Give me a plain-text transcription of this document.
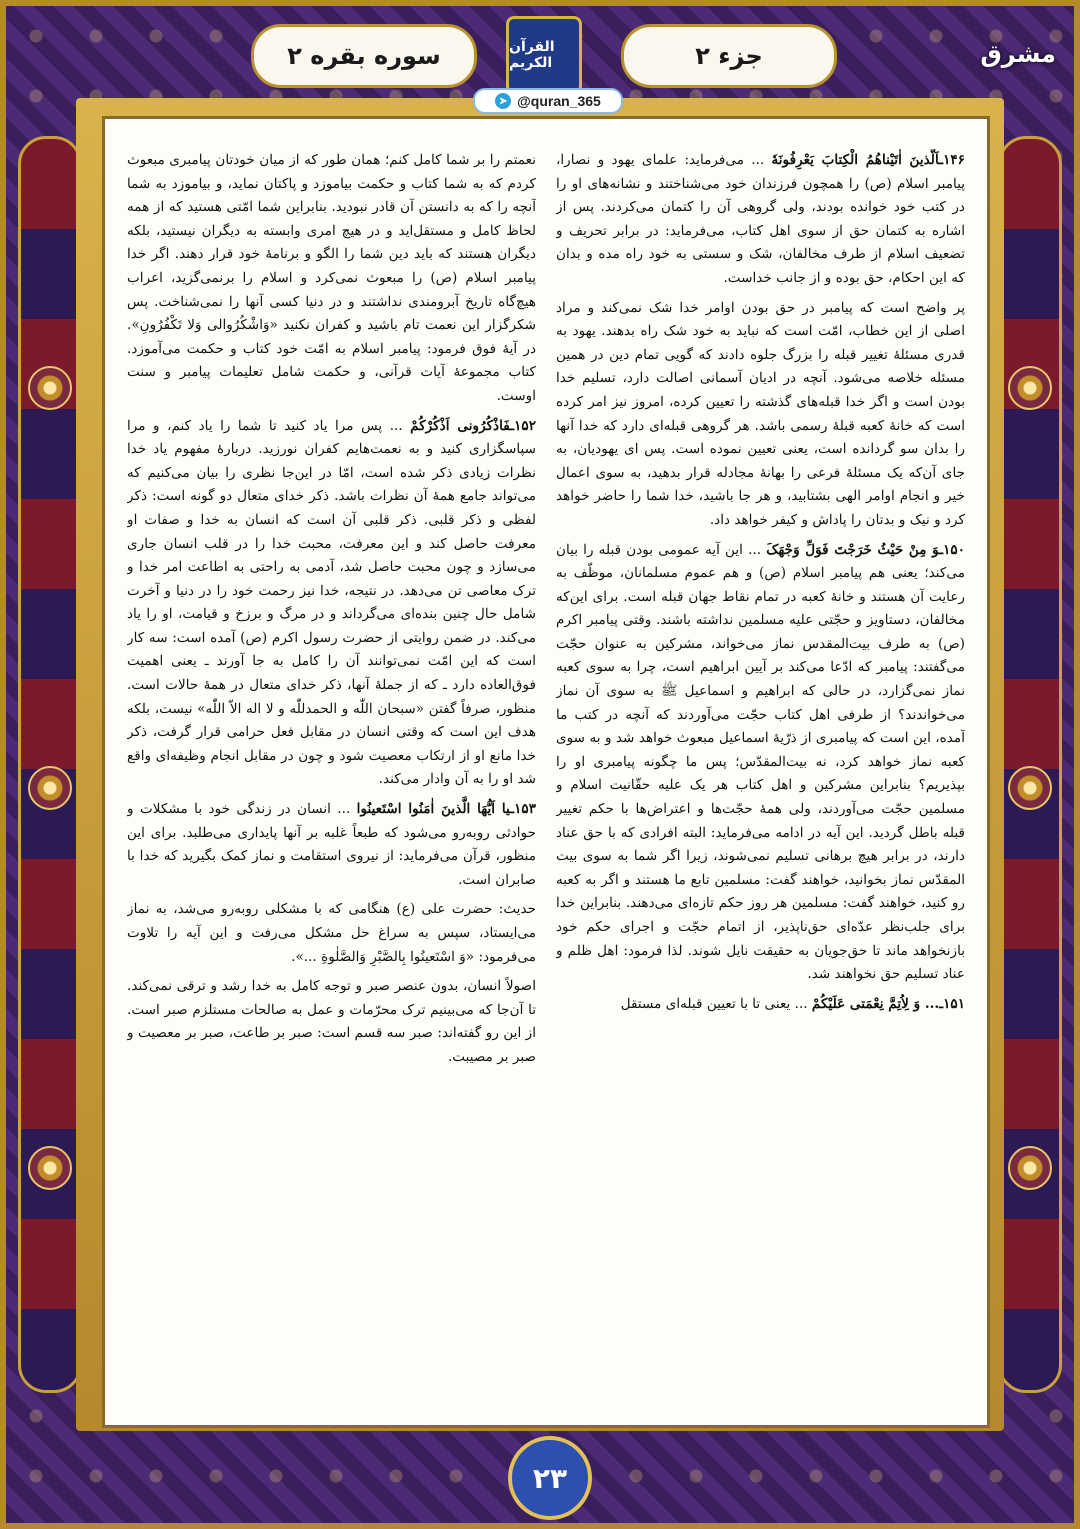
سوره بقره ۲	القرآن الکریم	جزء ۲
➤ @quran_365
مشرق

۱۴۶ـاَلَّذینَ اٰتَیْناهُمُ الْکِتابَ یَعْرِفُونَهٗ ... می‌فرماید: علمای یهود و نصارا، پیامبر اسلام (ص) را همچون فرزندان خود می‌شناختند و نشانه‌های او را در کتب خود خوانده بودند، ولی گروهی آن را کتمان می‌کردند. پس از اشاره به کتمان حق از سوی اهل کتاب، می‌فرماید: در برابر تحریف و تضعیف اسلام از طرف مخالفان، شک و سستی به خود راه مده و بدان که این احکام، حق بوده و از جانب خداست.

پر واضح است که پیامبر در حق بودن اوامر خدا شک نمی‌کند و مراد اصلی از این خطاب، امّت است که نباید به خود شک راه بدهند. یهود به قدری مسئلهٔ تغییر قبله را بزرگ جلوه دادند که گویی تمام دین در همین مسئله خلاصه می‌شود. آنچه در ادیان آسمانی اصالت دارد، تسلیم خدا بودن است و اگر خدا قبله‌های گذشته را تعیین کرده، امروز نیز امر کرده است که خانهٔ کعبه قبلهٔ رسمی باشد. هر گروهی قبله‌ای دارد که خدا آنها را بدان سو گردانده است، یعنی تعیین نموده است. پس ای یهودیان، به جای آن‌که یک مسئلهٔ فرعی را بهانهٔ مجادله قرار بدهید، به سوی اعمال خیر و انجام اوامر الهی بشتابید، و هر جا باشید، خدا شما را حاضر خواهد کرد و نیک و بدتان را پاداش و کیفر خواهد داد.

۱۵۰ـوَ مِنْ حَیْثُ خَرَجْتَ فَوَلِّ وَجْهَکَ ... این آیه عمومی بودن قبله را بیان می‌کند؛ یعنی هم پیامبر اسلام (ص) و هم عموم مسلمانان، موظّف به رعایت آن هستند و خانهٔ کعبه در تمام نقاط جهان قبله است. برای این‌که مخالفان، دستاویز و حجّتی علیه مسلمین نداشته باشند. وقتی پیامبر اکرم (ص) به طرف بیت‌المقدس نماز می‌خواند، مشرکین به عنوان حجّت می‌گفتند: پیامبر که ادّعا می‌کند بر آیین ابراهیم است، چرا به سوی کعبه نماز نمی‌گزارد، در حالی که ابراهیم و اسماعیل ﷺ به سوی آن نماز می‌خواندند؟ از طرفی اهل کتاب حجّت می‌آوردند که آنچه در کتب ما آمده، این است که پیامبری از ذرّیهٔ اسماعیل مبعوث خواهد شد و به سوی کعبه نماز خواهد کرد، نه بیت‌المقدّس؛ پس ما چگونه پیامبری او را بپذیریم؟ بنابراین مشرکین و اهل کتاب هر یک علیه حقّانیت اسلام و مسلمین حجّت می‌آوردند، ولی همهٔ حجّت‌ها و اعتراض‌ها با حکم تغییر قبله باطل گردید. این آیه در ادامه می‌فرماید: البته افرادی که با حق عناد دارند، در برابر هیچ برهانی تسلیم نمی‌شوند، زیرا اگر شما به سوی بیت المقدّس نماز بخوانید، خواهند گفت: مسلمین تابع ما هستند و اگر به کعبه رو کنید، خواهند گفت: مسلمین هر روز حکم تازه‌ای می‌دهند. بنابراین خدا برای جلب‌نظر عدّه‌ای حق‌ناپذیر، از اتمام حجّت و اجرای حکم خود بازنخواهد ماند تا حق‌جویان به حقیقت نایل شوند. لذا فرمود: اهل ظلم و عناد تسلیم حق نخواهند شد.

۱۵۱ـ... وَ لِاُتِمَّ نِعْمَتی عَلَیْکُمْ ... یعنی تا با تعیین قبله‌ای مستقل

نعمتم را بر شما کامل کنم؛ همان طور که از میان خودتان پیامبری مبعوث کردم که به شما کتاب و حکمت بیاموزد و پاکتان نماید، و بیاموزد به شما آنچه را که به دانستن آن قادر نبودید. بنابراین شما امّتی هستید که از همه لحاظ کامل و مستقل‌اید و در هیچ امری وابسته به دیگران نیستید، بلکه دیگران هستند که باید دین شما را الگو و برنامهٔ خود قرار دهند. اگر خدا پیامبر اسلام (ص) را مبعوث نمی‌کرد و اسلام را برنمی‌گزید، اعراب هیچ‌گاه تاریخ آبرومندی نداشتند و در دنیا کسی آنها را نمی‌شناخت. پس شکرگزار این نعمت تام باشید و کفران نکنید «وَاشْکُرُوالی وَلا تَکْفُرُونِ». در آیهٔ فوق فرمود: پیامبر اسلام به امّت خود کتاب و حکمت می‌آموزد. کتاب مجموعهٔ آیات قرآنی، و حکمت شامل تعلیمات پیامبر و سنت اوست.

۱۵۲ـفَاذْکُرُونی اَذْکُرْکُمْ ... پس مرا یاد کنید تا شما را یاد کنم، و مرا سپاسگزاری کنید و به نعمت‌هایم کفران نورزید. دربارهٔ مفهوم یاد خدا نظرات زیادی ذکر شده است، امّا در این‌جا نظری را بیان می‌کنیم که می‌تواند جامع همهٔ آن نظرات باشد. ذکر خدای متعال دو گونه است: ذکر لفظی و ذکر قلبی. ذکر قلبی آن است که انسان به خدا و صفات او معرفت حاصل کند و این معرفت، محبت خدا را در قلب انسان جاری می‌سازد و چون محبت حاصل شد، آدمی به راحتی به اطاعت امر خدا و ترک معاصی تن می‌دهد. در نتیجه، خدا نیز رحمت خود را در دنیا و آخرت شامل حال چنین بنده‌ای می‌گرداند و در مرگ و برزخ و قیامت، او را یاد می‌کند. در ضمن روایتی از حضرت رسول اکرم (ص) آمده است: سه کار است که این امّت نمی‌توانند آن را کامل به جا آورند ـ یعنی اهمیت فوق‌العاده دارد ـ که از جملهٔ آنها، ذکر خدای متعال در همهٔ حالات است. منظور، صرفاً گفتن «سبحان اللّٰه و الحمدللّٰه و لا اله الاّ اللّٰه» نیست، بلکه هدف این است که وقتی انسان در مقابل فعل حرامی قرار گرفت، ذکر خدا مانع او از ارتکاب معصیت شود و چون در مقابل انجام وظیفه‌ای واقع شد او را به آن وادار می‌کند.

۱۵۳ـیا اَیُّهَا الَّذینَ اٰمَنُوا اسْتَعینُوا ... انسان در زندگی خود با مشکلات و حوادثی روبه‌رو می‌شود که طبعاً غلبه بر آنها پایداری می‌طلبد. برای این منظور، قرآن می‌فرماید: از نیروی استقامت و نماز کمک بگیرید که خدا با صابران است.

حدیث: حضرت علی (ع) هنگامی که با مشکلی روبه‌رو می‌شد، به نماز می‌ایستاد، سپس به سراغ حل مشکل می‌رفت و این آیه را تلاوت می‌فرمود: «وَ اسْتَعینُوا بِالصَّبْرِ وَالصَّلٰوةِ ...».

اصولاً انسان، بدون عنصر صبر و توجه کامل به خدا رشد و ترقی نمی‌کند. تا آن‌جا که می‌بینیم ترک محرّمات و عمل به صالحات مستلزم صبر است. از این رو گفته‌اند: صبر سه قسم است: صبر بر طاعت، صبر بر معصیت و صبر بر مصیبت.

۲۳
